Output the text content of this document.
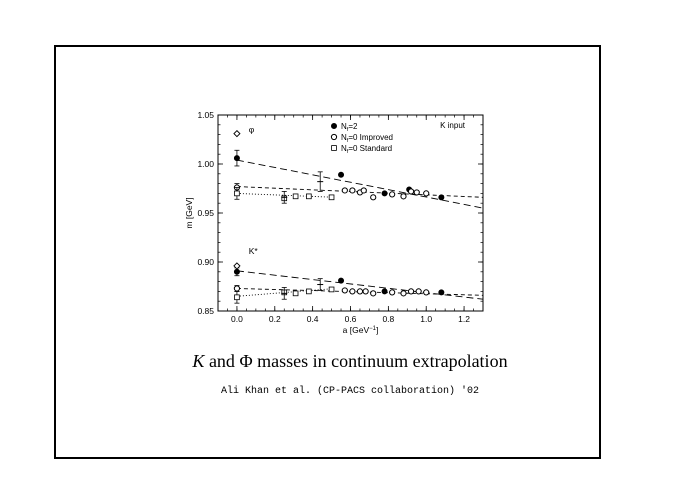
0.0	0.2	0.4	0.6	0.8	1.0	1.2
0.85
0.90
0.95
1.00
1.05
a [GeV$^{-1}$]
m [GeV]
φ
K*
K input
$N_f=2$
$N_f=0$ Improved
$N_f=0$ Standard
K and Φ masses in continuum extrapolation
Ali Khan et al. (CP-PACS collaboration) '02
